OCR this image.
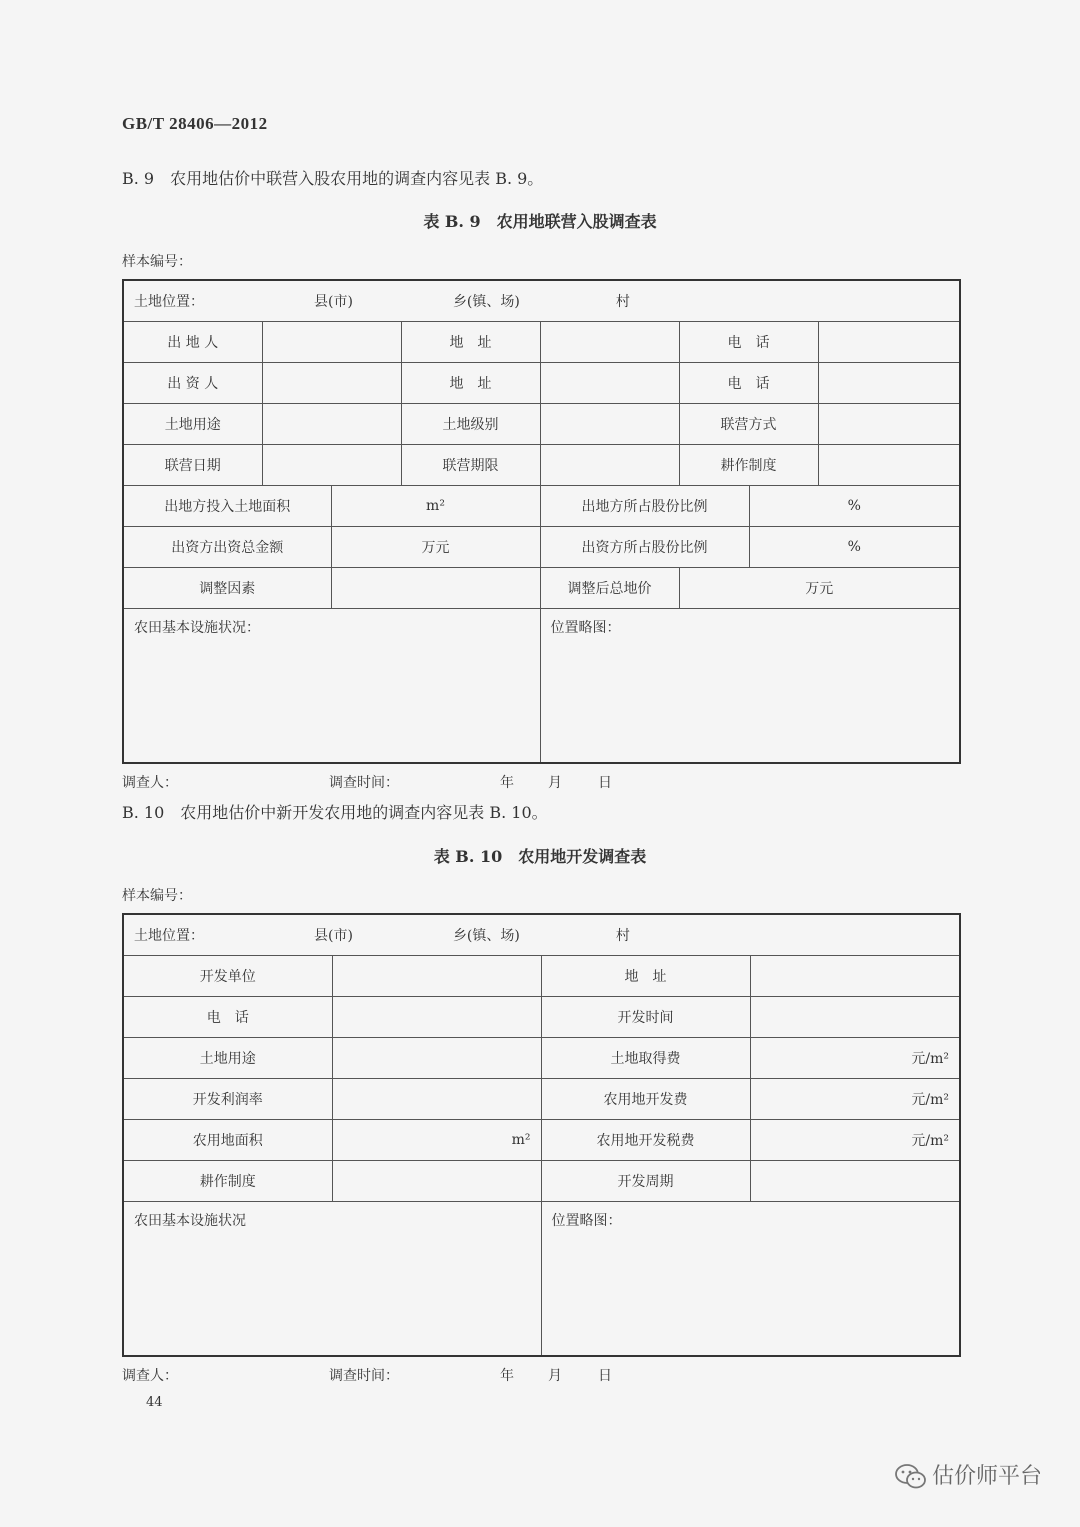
GB/T 28406—2012
B. 9　农用地估价中联营入股农用地的调查内容见表 B. 9。
表 B. 9　农用地联营入股调查表
样本编号：
土地位置： 县(市) 乡(镇、场) 村							
出 地 人			地　址		电　话		
出 资 人			地　址		电　话		
土地用途			土地级别		联营方式		
联营日期			联营期限		耕作制度		
出地方投入土地面积		m²		出地方所占股份比例		%	
出资方出资总金额		万元		出资方所占股份比例		%	
调整因素				调整后总地价	万元		
农田基本设施状况：				位置略图：			
调查人：	调查时间：	年 月	日
B. 10　农用地估价中新开发农用地的调查内容见表 B. 10。
表 B. 10　农用地开发调查表
样本编号：
土地位置： 县(市) 乡(镇、场) 村			
开发单位		地　址	
电　话		开发时间	
土地用途		土地取得费	元/m²
开发利润率		农用地开发费	元/m²
农用地面积	m²	农用地开发税费	元/m²
耕作制度		开发周期	
农田基本设施状况		位置略图：	
调查人：	调查时间：	年 月	日
44
估价师平台
